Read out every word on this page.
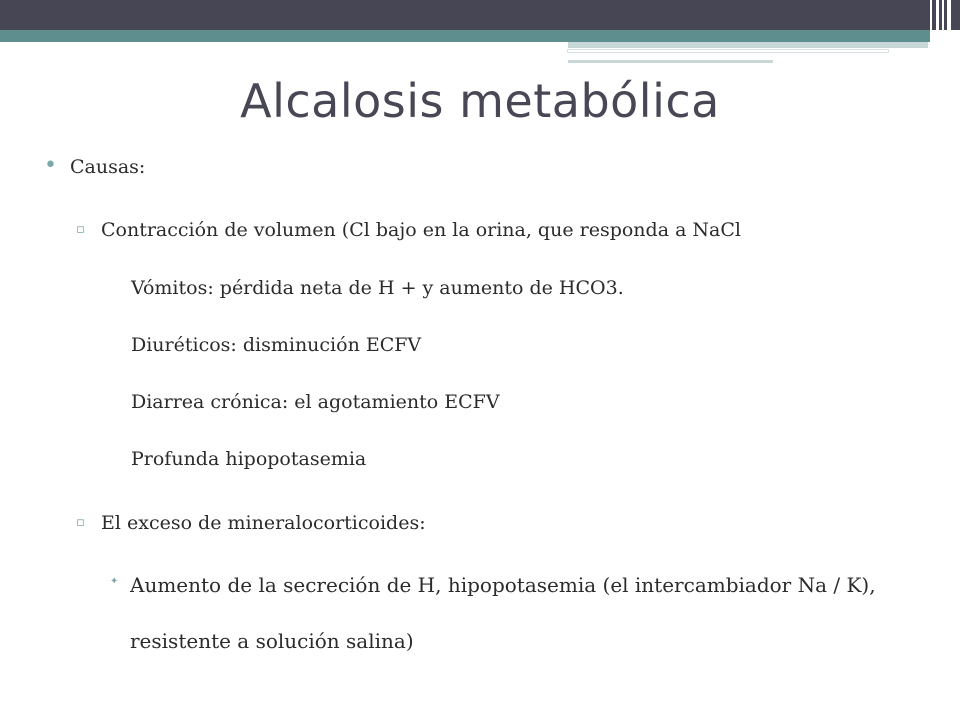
Alcalosis metabólica
• Causas:
▫ Contracción de volumen (Cl bajo en la orina, que responda a NaCl
Vómitos: pérdida neta de H + y aumento de HCO3.
Diuréticos: disminución ECFV
Diarrea crónica: el agotamiento ECFV
Profunda hipopotasemia
▫ El exceso de mineralocorticoides:
✦ Aumento de la secreción de H, hipopotasemia (el intercambiador Na / K),
resistente a solución salina)
